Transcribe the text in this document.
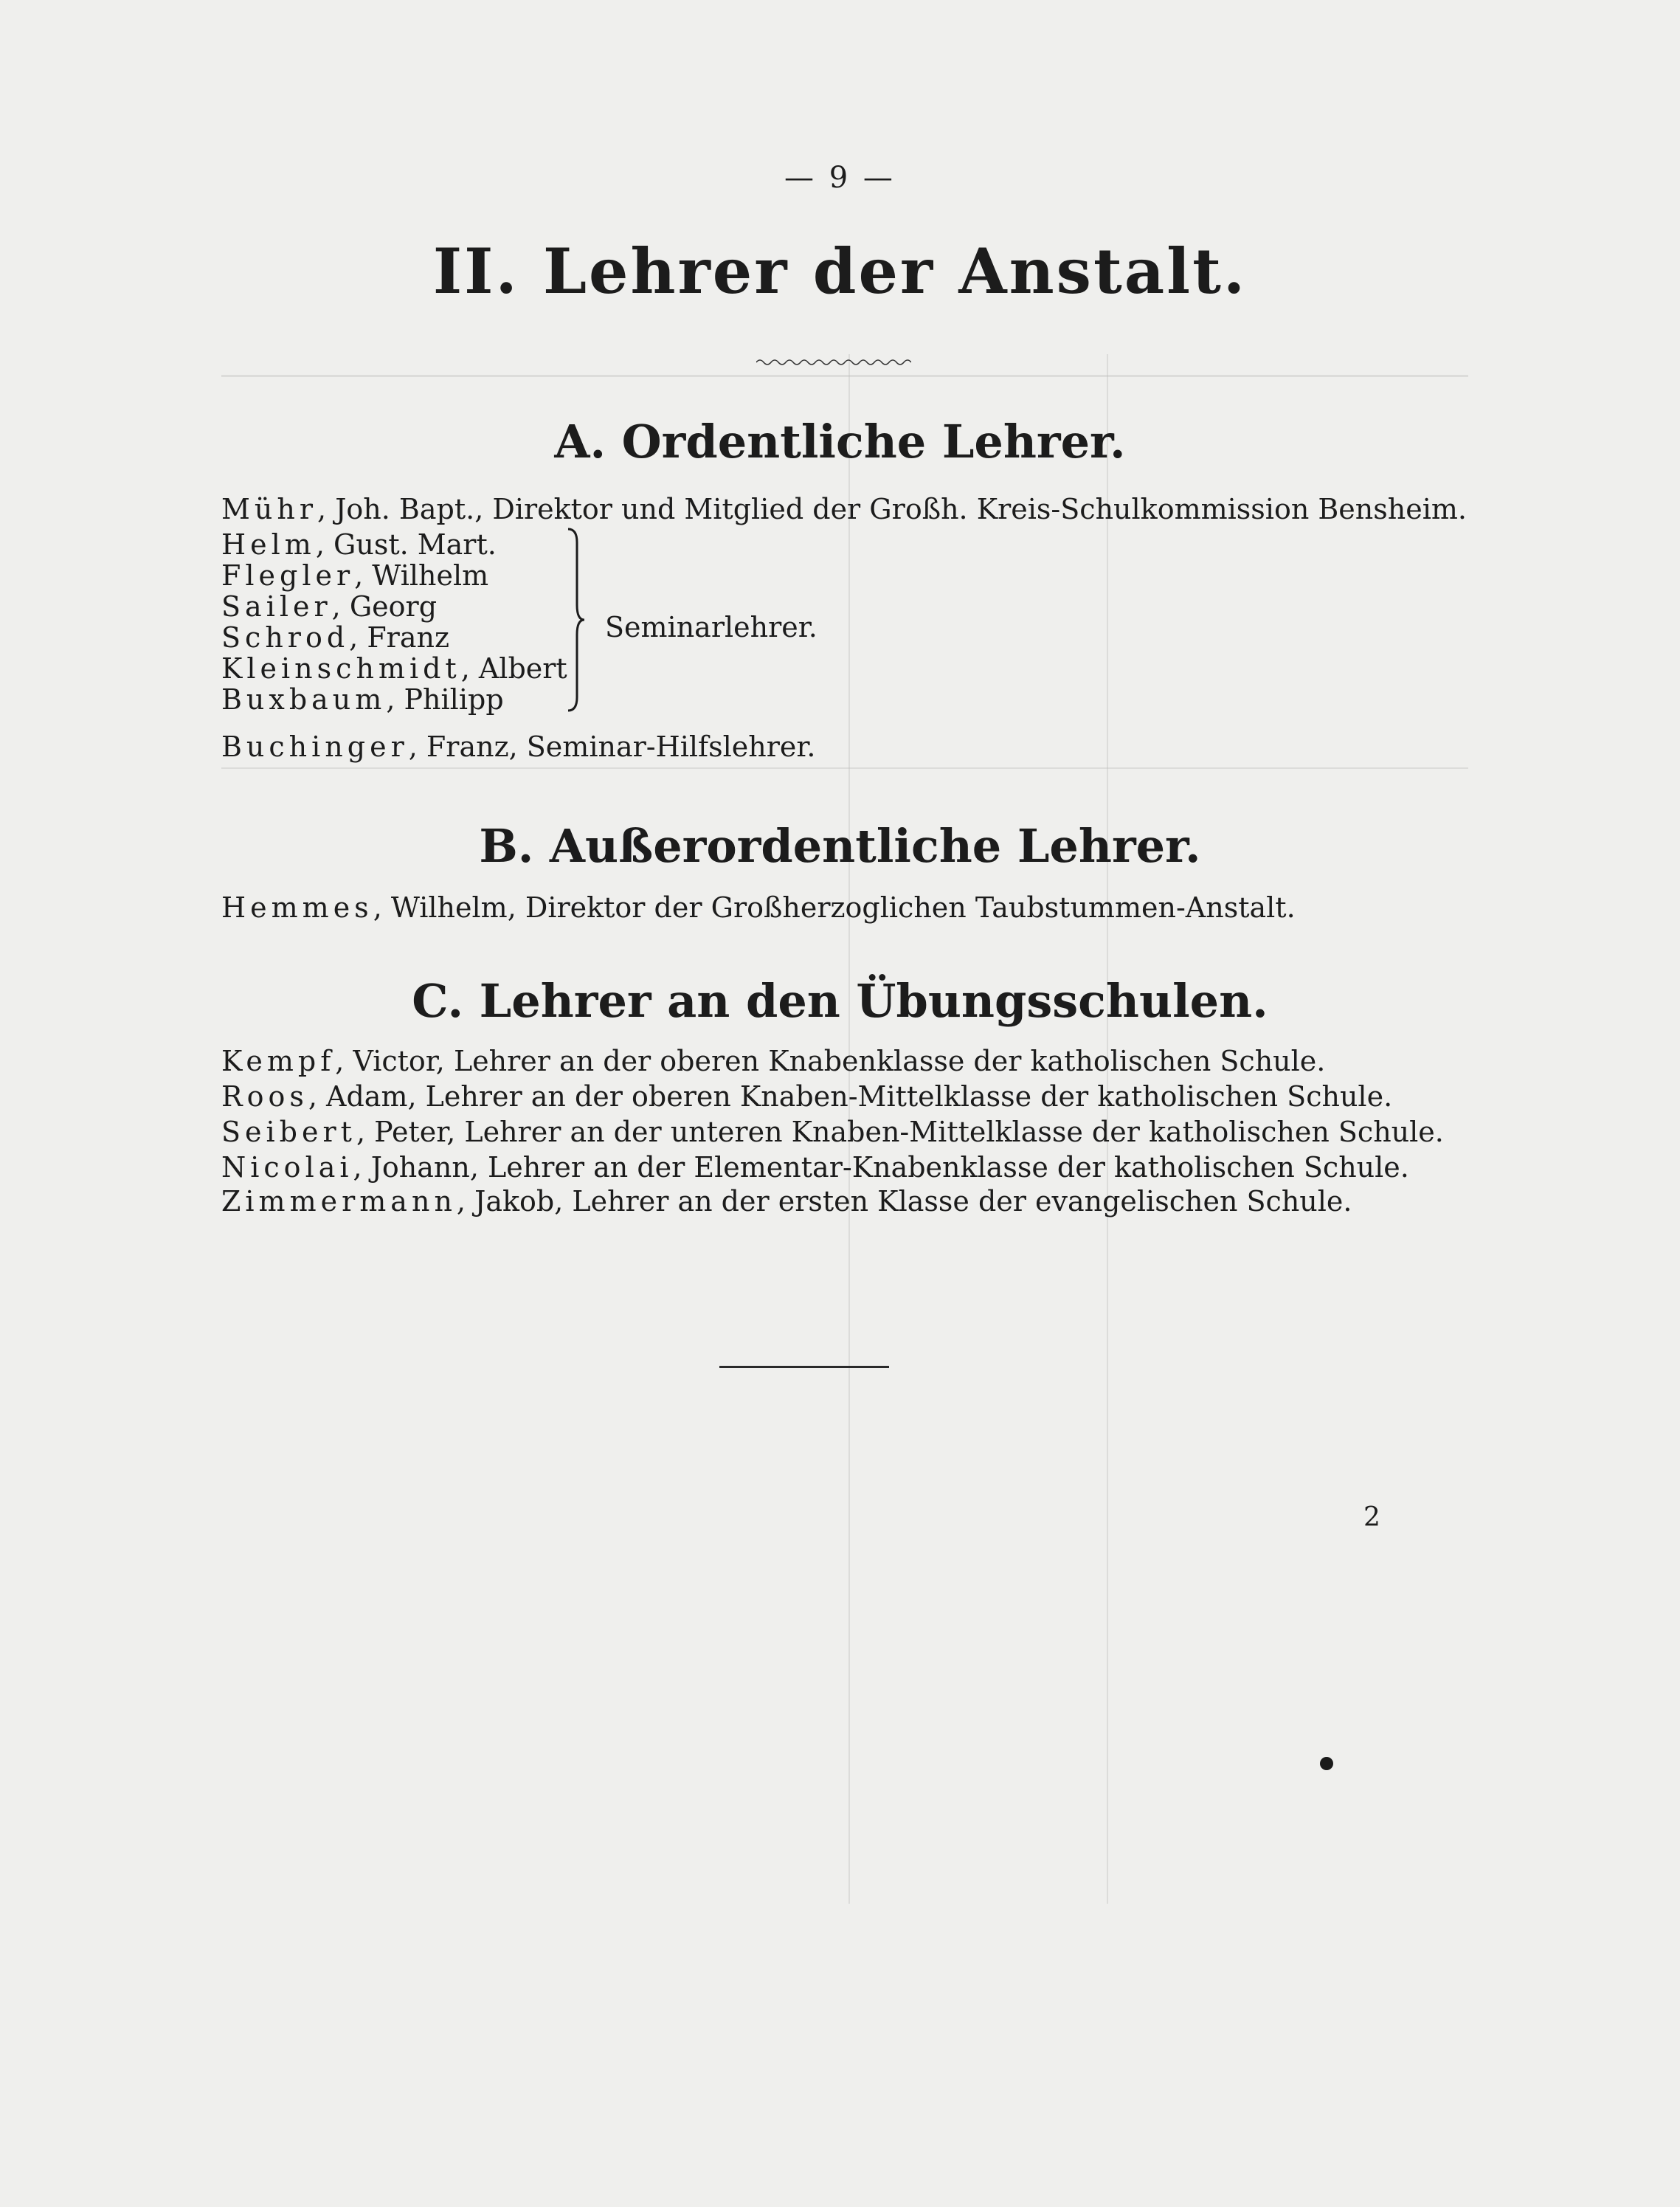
— 9 —
II. Lehrer der Anstalt.
A. Ordentliche Lehrer.
Mühr, Joh. Bapt., Direktor und Mitglied der Großh. Kreis-Schulkommission Bensheim.
Helm, Gust. Mart.
Flegler, Wilhelm
Sailer, Georg
Schrod, Franz
Kleinschmidt, Albert
Buxbaum, Philipp
Seminarlehrer.
Buchinger, Franz, Seminar-Hilfslehrer.
B. Außerordentliche Lehrer.
Hemmes, Wilhelm, Direktor der Großherzoglichen Taubstummen-Anstalt.
C. Lehrer an den Übungsschulen.
Kempf, Victor, Lehrer an der oberen Knabenklasse der katholischen Schule.
Roos, Adam, Lehrer an der oberen Knaben-Mittelklasse der katholischen Schule.
Seibert, Peter, Lehrer an der unteren Knaben-Mittelklasse der katholischen Schule.
Nicolai, Johann, Lehrer an der Elementar-Knabenklasse der katholischen Schule.
Zimmermann, Jakob, Lehrer an der ersten Klasse der evangelischen Schule.
2
